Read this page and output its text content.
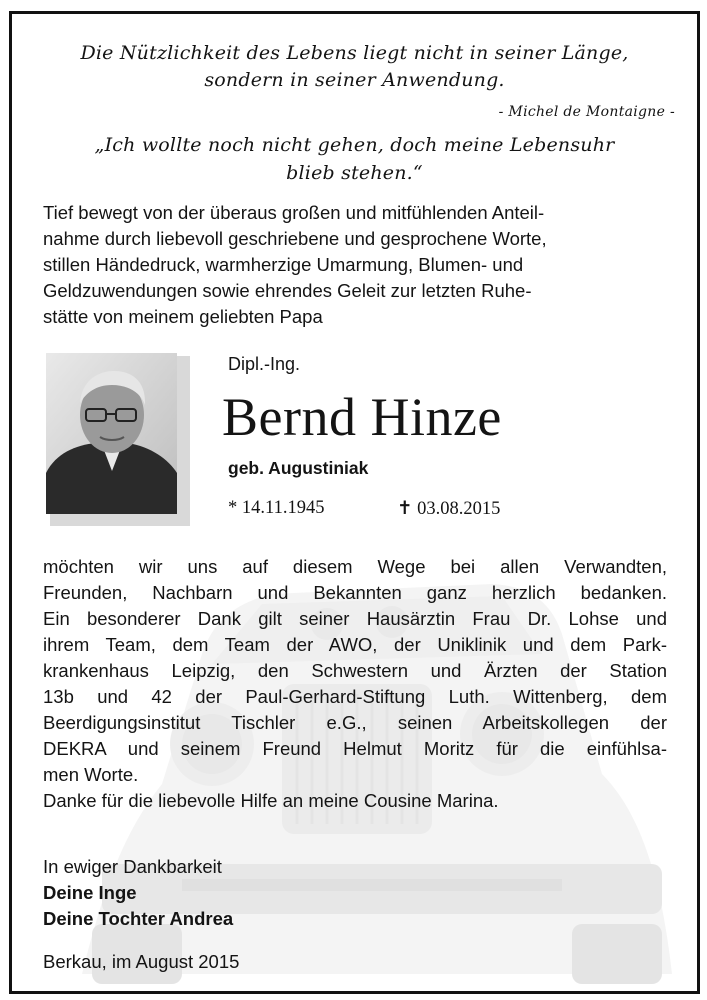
Die Nützlichkeit des Lebens liegt nicht in seiner Länge,
sondern in seiner Anwendung.
- Michel de Montaigne -
„Ich wollte noch nicht gehen, doch meine Lebensuhr
blieb stehen.“
Tief bewegt von der überaus großen und mitfühlenden Anteil-
nahme durch liebevoll geschriebene und gesprochene Worte,
stillen Händedruck, warmherzige Umarmung, Blumen- und
Geldzuwendungen sowie ehrendes Geleit zur letzten Ruhe-
stätte von meinem geliebten Papa
Dipl.-Ing.
Bernd Hinze
geb. Augustiniak
* 14.11.1945	✝ 03.08.2015
möchten wir uns auf diesem Wege bei allen Verwandten,
Freunden, Nachbarn und Bekannten ganz herzlich bedanken.
Ein besonderer Dank gilt seiner Hausärztin Frau Dr. Lohse und
ihrem Team, dem Team der AWO, der Uniklinik und dem Park-
krankenhaus Leipzig, den Schwestern und Ärzten der Station
13b und 42 der Paul-Gerhard-Stiftung Luth. Wittenberg, dem
Beerdigungsinstitut Tischler e.G., seinen Arbeitskollegen der
DEKRA und seinem Freund Helmut Moritz für die einfühlsa-
men Worte.
Danke für die liebevolle Hilfe an meine Cousine Marina.
In ewiger Dankbarkeit
Deine Inge
Deine Tochter Andrea
Berkau, im August 2015
